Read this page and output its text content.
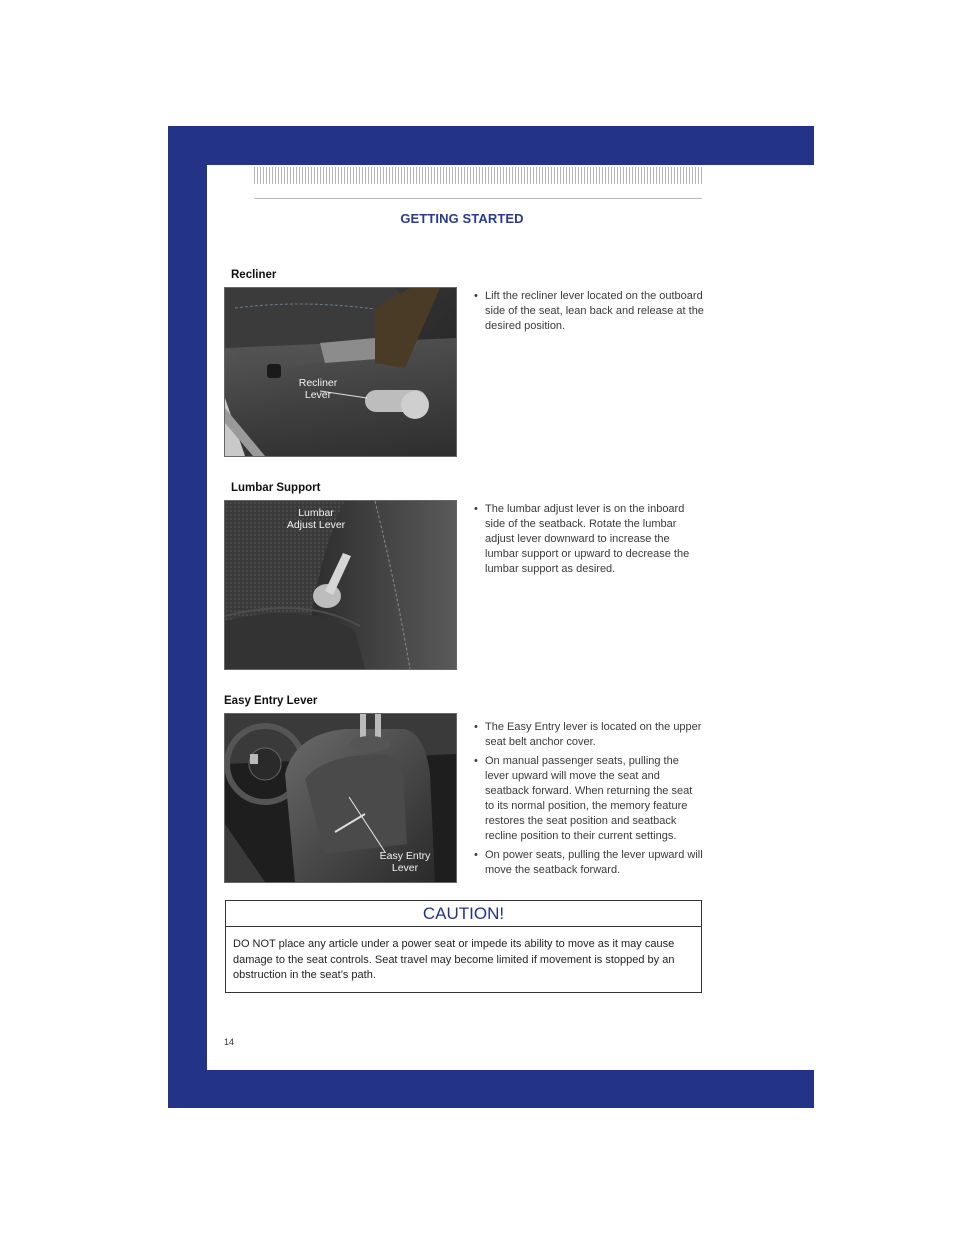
GETTING STARTED
Recliner
Recliner
Lever
• Lift the recliner lever located on the outboard side of the seat, lean back and release at the desired position.
Lumbar Support
Lumbar
Adjust Lever
• The lumbar adjust lever is on the inboard side of the seatback. Rotate the lumbar adjust lever downward to increase the lumbar support or upward to decrease the lumbar support as desired.
Easy Entry Lever
Easy Entry
Lever
• The Easy Entry lever is located on the upper seat belt anchor cover.
• On manual passenger seats, pulling the lever upward will move the seat and seatback forward. When returning the seat to its normal position, the memory feature restores the seat position and seatback recline position to their current settings.
• On power seats, pulling the lever upward will move the seatback forward.
CAUTION!
DO NOT place any article under a power seat or impede its ability to move as it may cause damage to the seat controls. Seat travel may become limited if movement is stopped by an obstruction in the seat’s path.
14
